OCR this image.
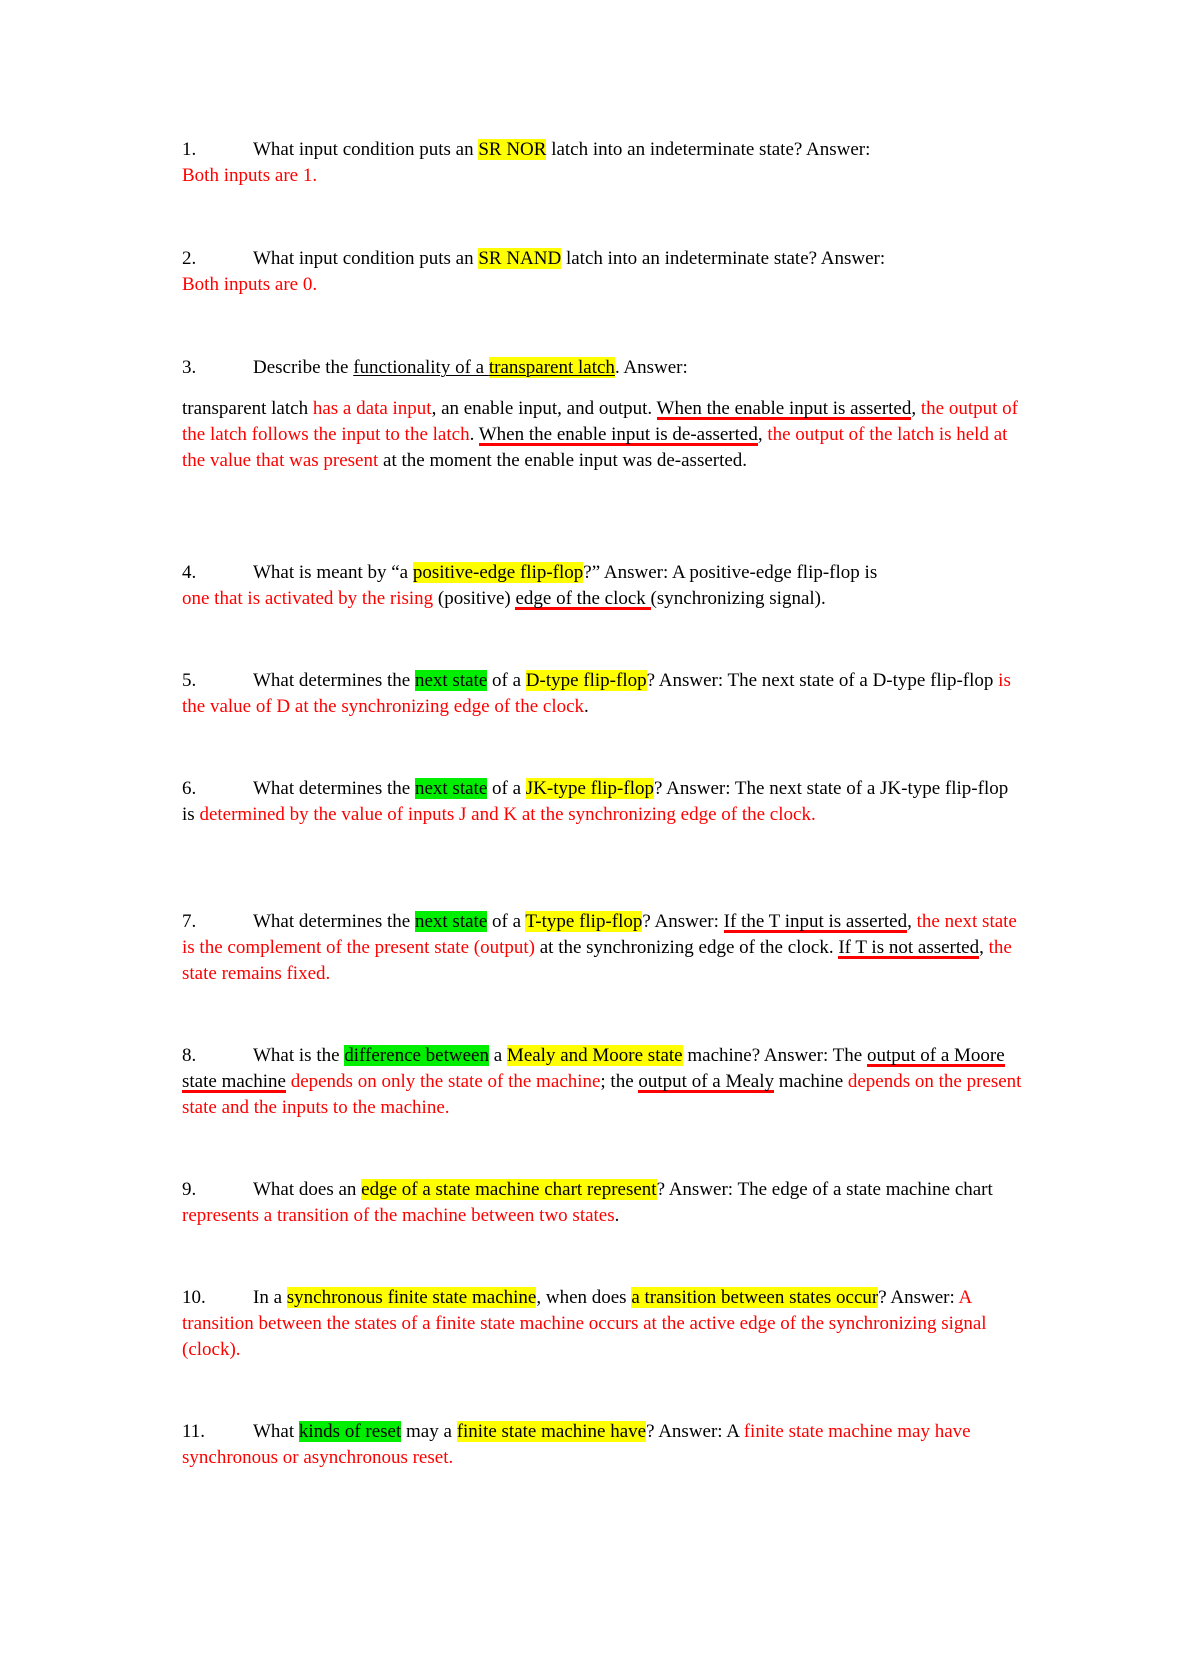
1.	What input condition puts an SR NOR latch into an indeterminate state? Answer:
Both inputs are 1.
2.	What input condition puts an SR NAND latch into an indeterminate state? Answer:
Both inputs are 0.
3.	Describe the functionality of a transparent latch. Answer:
transparent latch has a data input, an enable input, and output. When the enable input is asserted, the output of the latch follows the input to the latch. When the enable input is de-asserted, the output of the latch is held at the value that was present at the moment the enable input was de-asserted.
4.	What is meant by “a positive-edge flip-flop?” Answer: A positive-edge flip-flop is
one that is activated by the rising (positive) edge of the clock (synchronizing signal).
5.	What determines the next state of a D-type flip-flop? Answer: The next state of a D-type flip-flop is the value of D at the synchronizing edge of the clock.
6.	What determines the next state of a JK-type flip-flop? Answer: The next state of a JK-type flip-flop is determined by the value of inputs J and K at the synchronizing edge of the clock.
7.	What determines the next state of a T-type flip-flop? Answer: If the T input is asserted, the next state is the complement of the present state (output) at the synchronizing edge of the clock. If T is not asserted, the state remains fixed.
8.	What is the difference between a Mealy and Moore state machine? Answer: The output of a Moore state machine depends on only the state of the machine; the output of a Mealy machine depends on the present state and the inputs to the machine.
9.	What does an edge of a state machine chart represent? Answer: The edge of a state machine chart represents a transition of the machine between two states.
10. In a synchronous finite state machine, when does a transition between states occur? Answer: A transition between the states of a finite state machine occurs at the active edge of the synchronizing signal (clock).
11.	What kinds of reset may a finite state machine have? Answer: A finite state machine may have synchronous or asynchronous reset.
